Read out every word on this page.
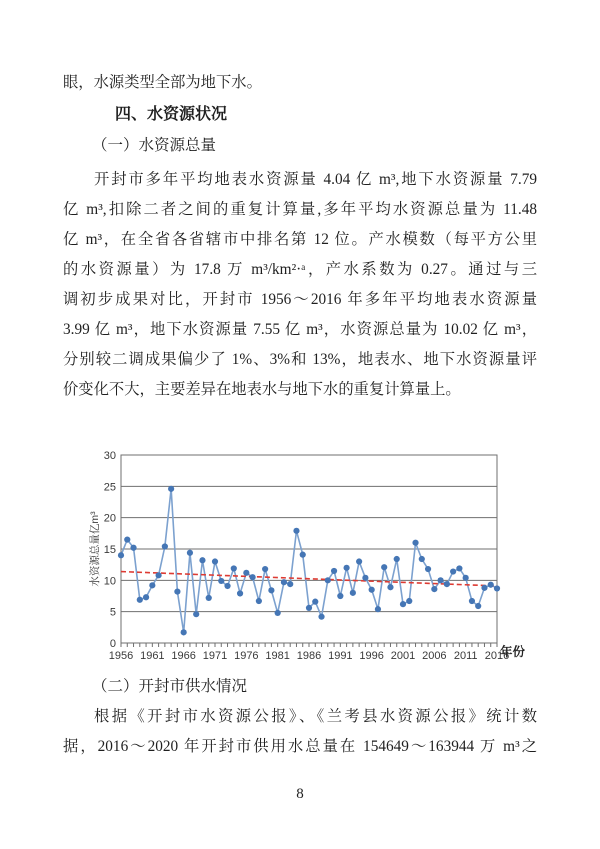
眼，水源类型全部为地下水。
四、水资源状况
（一）水资源总量
开封市多年平均地表水资源量 4.04 亿 m³,地下水资源量 7.79
亿 m³,扣除二者之间的重复计算量,多年平均水资源总量为 11.48
亿 m³，在全省各省辖市中排名第 12 位。产水模数（每平方公里
的水资源量）为 17.8 万 m³/km²·ᵃ，产水系数为 0.27。通过与三
调初步成果对比，开封市 1956～2016 年多年平均地表水资源量
3.99 亿 m³，地下水资源量 7.55 亿 m³，水资源总量为 10.02 亿 m³，
分别较二调成果偏少了 1%、3%和 13%，地表水、地下水资源量评
价变化不大，主要差异在地表水与地下水的重复计算量上。
0
5
10
15
20
25
30
1956 1961 1966 1971 1976 1981 1986 1991 1996 2001 2006 2011 2016
水资源总量亿m³
年份
（二）开封市供水情况
根据《开封市水资源公报》、《兰考县水资源公报》统计数
据，2016～2020 年开封市供用水总量在 154649～163944 万 m³之
8
